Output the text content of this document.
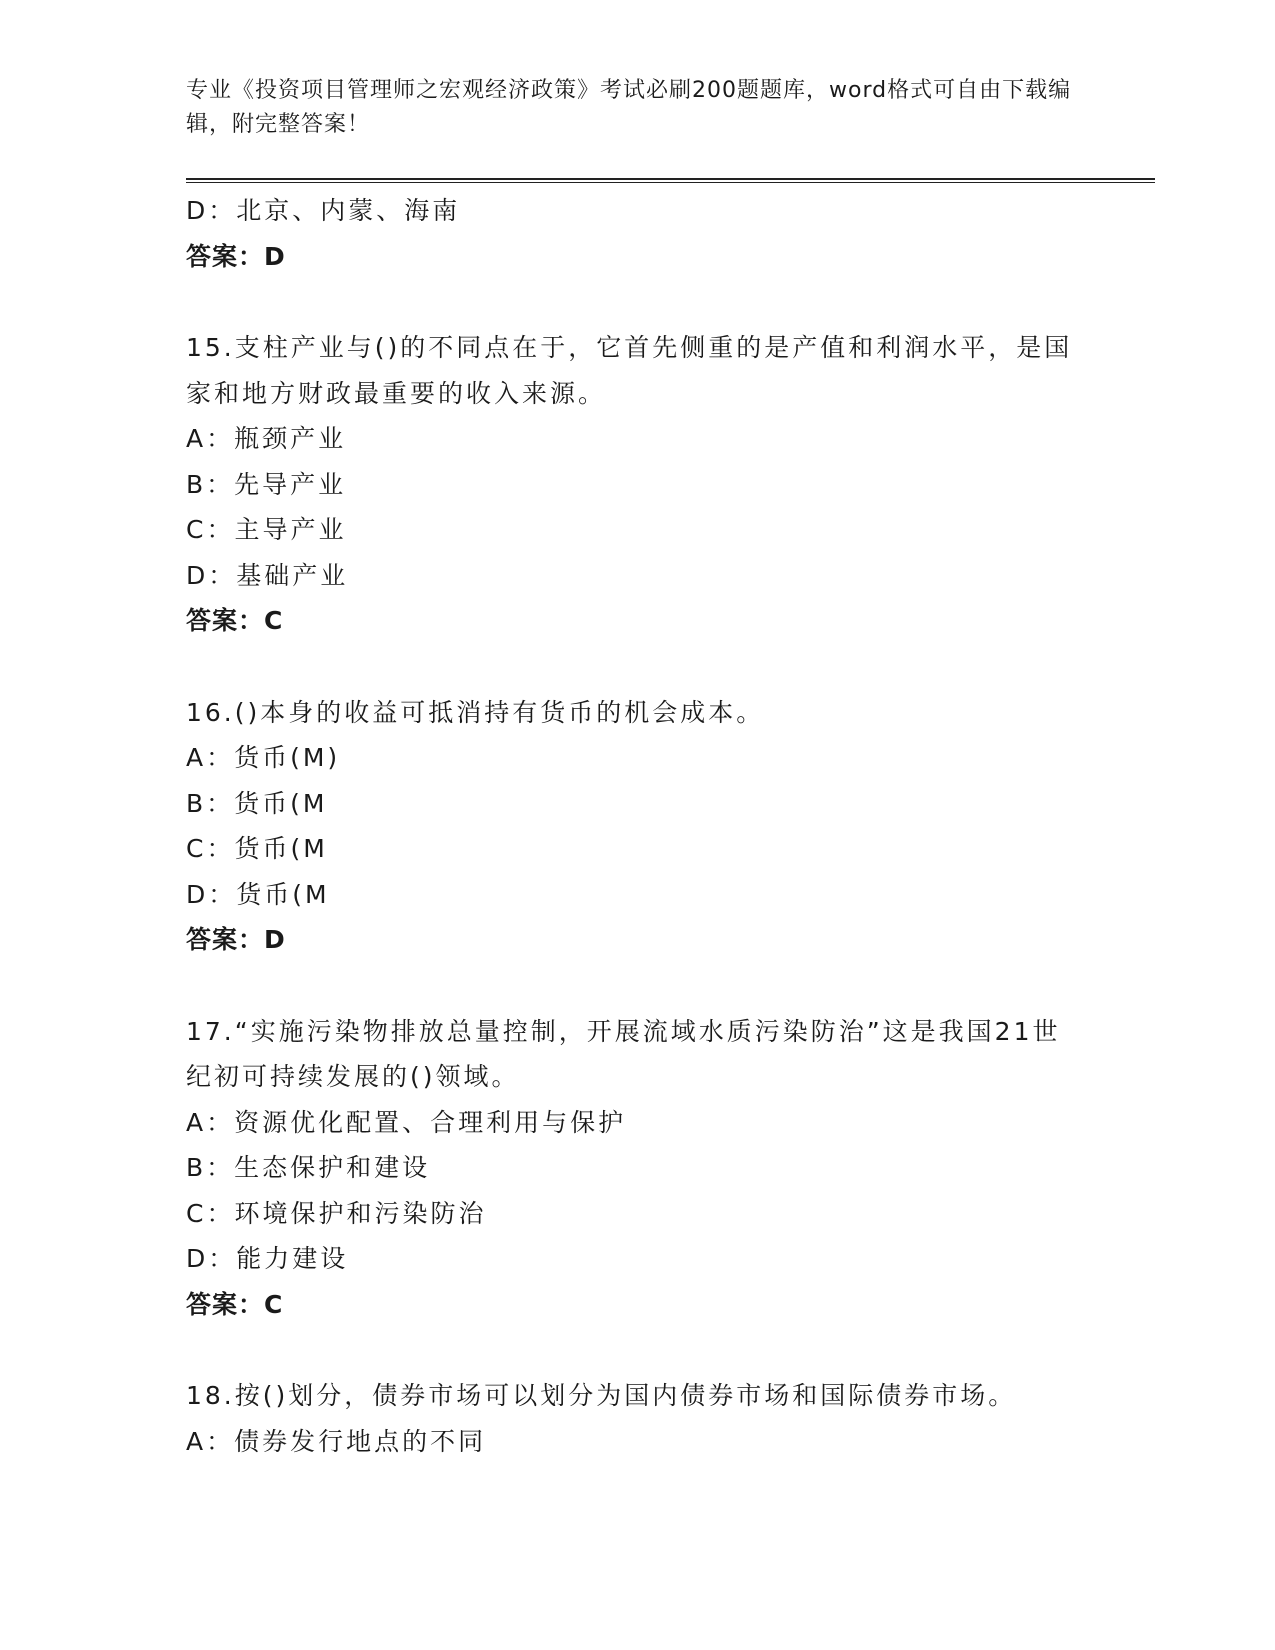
专业《投资项目管理师之宏观经济政策》考试必刷200题题库，word格式可自由下载编辑，附完整答案！
D：北京、内蒙、海南
答案：D
15.支柱产业与()的不同点在于，它首先侧重的是产值和利润水平，是国家和地方财政最重要的收入来源。
A：瓶颈产业
B：先导产业
C：主导产业
D：基础产业
答案：C
16.()本身的收益可抵消持有货币的机会成本。
A：货币(M)
B：货币(M
C：货币(M
D：货币(M
答案：D
17.“实施污染物排放总量控制，开展流域水质污染防治”这是我国21世纪初可持续发展的()领域。
A：资源优化配置、合理利用与保护
B：生态保护和建设
C：环境保护和污染防治
D：能力建设
答案：C
18.按()划分，债券市场可以划分为国内债券市场和国际债券市场。
A：债券发行地点的不同
